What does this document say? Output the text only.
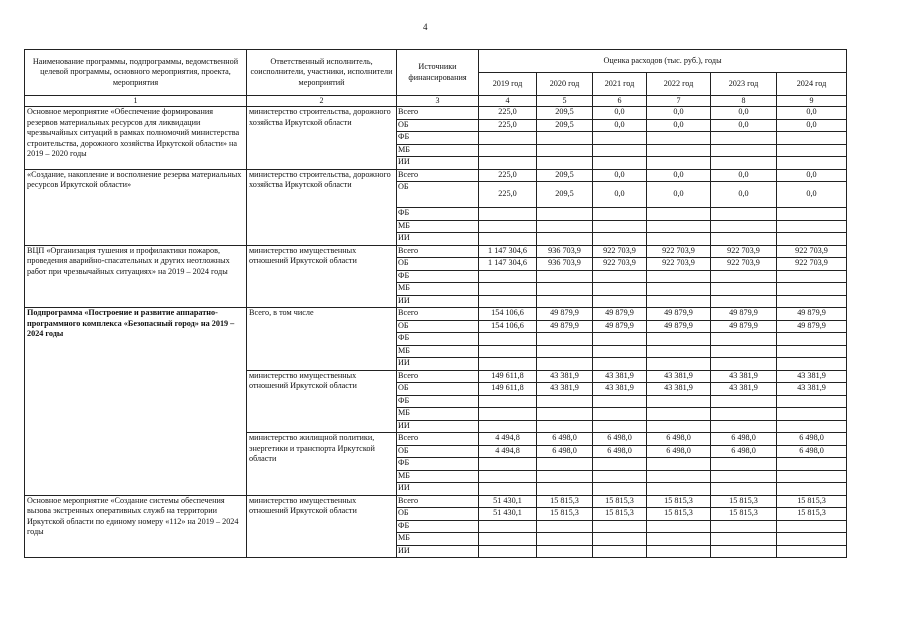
4
Наименование программы, подпрограммы, ведомственной целевой программы, основного мероприятия, проекта, мероприятия	Ответственный исполнитель, соисполнители, участники, исполнители мероприятий	Источники финансирования	Оценка расходов (тыс. руб.), годы					
			2019 год	2020 год	2021 год	2022 год	2023 год	2024 год
1	2	3	4	5	6	7	8	9
Основное мероприятие «Обеспечение формирования резервов материальных ресурсов для ликвидации чрезвычайных ситуаций в рамках полномочий министерства строительства, дорожного хозяйства Иркутской области» на 2019 – 2020 годы	министерство строительства, дорожного хозяйства Иркутской области	Всего	225,0	209,5	0,0	0,0	0,0	0,0
		ОБ	225,0	209,5	0,0	0,0	0,0	0,0
		ФБ						
		МБ						
		ИИ						
«Создание, накопление и восполнение резерва материальных ресурсов Иркутской области»	министерство строительства, дорожного хозяйства Иркутской области	Всего	225,0	209,5	0,0	0,0	0,0	0,0
		ОБ	225,0	209,5	0,0	0,0	0,0	0,0
		ФБ						
		МБ						
		ИИ						
ВЦП «Организация тушения и профилактики пожаров, проведения аварийно-спасательных и других неотложных работ при чрезвычайных ситуациях» на 2019 – 2024 годы	министерство имущественных отношений Иркутской области	Всего	1 147 304,6	936 703,9	922 703,9	922 703,9	922 703,9	922 703,9
		ОБ	1 147 304,6	936 703,9	922 703,9	922 703,9	922 703,9	922 703,9
		ФБ						
		МБ						
		ИИ						
Подпрограмма «Построение и развитие аппаратно-программного комплекса «Безопасный город» на 2019 – 2024 годы	Всего, в том числе	Всего	154 106,6	49 879,9	49 879,9	49 879,9	49 879,9	49 879,9
		ОБ	154 106,6	49 879,9	49 879,9	49 879,9	49 879,9	49 879,9
		ФБ						
		МБ						
		ИИ						
	министерство имущественных отношений Иркутской области	Всего	149 611,8	43 381,9	43 381,9	43 381,9	43 381,9	43 381,9
		ОБ	149 611,8	43 381,9	43 381,9	43 381,9	43 381,9	43 381,9
		ФБ						
		МБ						
		ИИ						
	министерство жилищной политики, энергетики и транспорта Иркутской области	Всего	4 494,8	6 498,0	6 498,0	6 498,0	6 498,0	6 498,0
		ОБ	4 494,8	6 498,0	6 498,0	6 498,0	6 498,0	6 498,0
		ФБ						
		МБ						
		ИИ						
Основное мероприятие «Создание системы обеспечения вызова экстренных оперативных служб на территории Иркутской области по единому номеру «112» на 2019 – 2024 годы	министерство имущественных отношений Иркутской области	Всего	51 430,1	15 815,3	15 815,3	15 815,3	15 815,3	15 815,3
		ОБ	51 430,1	15 815,3	15 815,3	15 815,3	15 815,3	15 815,3
		ФБ						
		МБ						
		ИИ						
